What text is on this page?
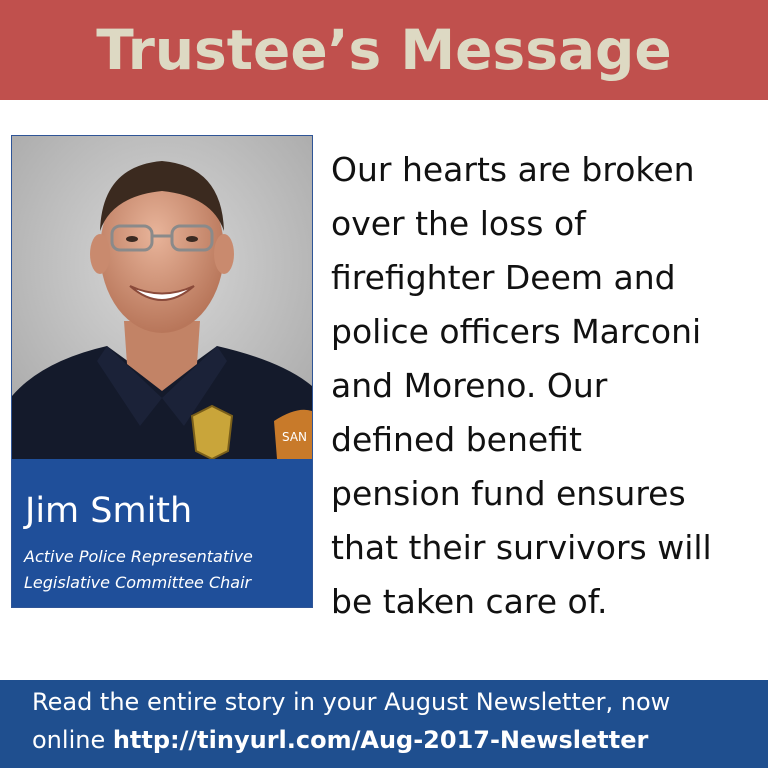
Trustee’s Message
SAN
Jim Smith
Active Police Representative
Legislative Committee Chair
Our hearts are broken
over the loss of
firefighter Deem and
police officers Marconi
and Moreno. Our
defined benefit
pension fund ensures
that their survivors will
be taken care of.
Read the entire story in your August Newsletter, now
online http://tinyurl.com/Aug-2017-Newsletter
